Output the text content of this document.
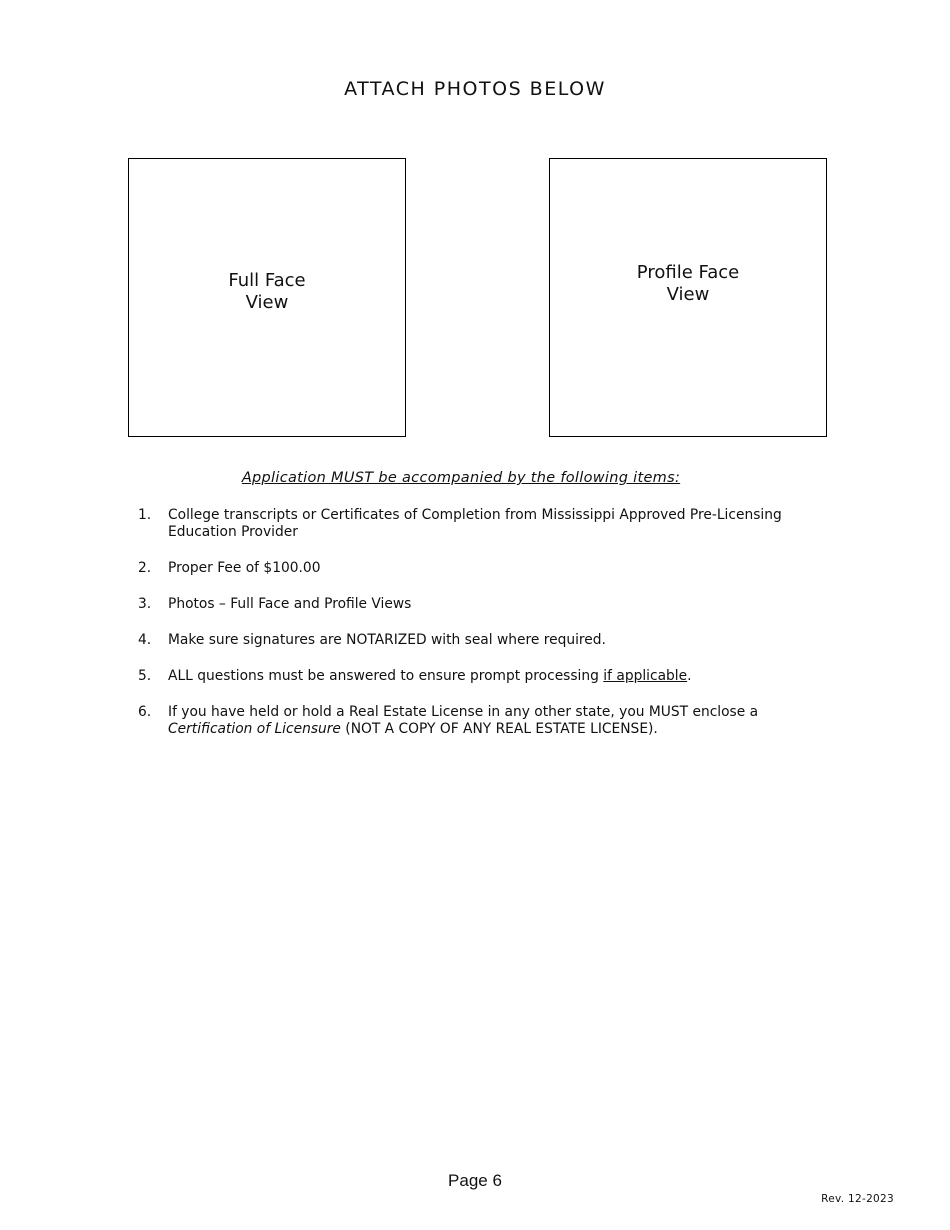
ATTACH PHOTOS BELOW
Full Face
View
Profile Face
View
Application MUST be accompanied by the following items:
1. College transcripts or Certificates of Completion from Mississippi Approved Pre-Licensing Education Provider
2. Proper Fee of $100.00
3. Photos – Full Face and Profile Views
4. Make sure signatures are NOTARIZED with seal where required.
5. ALL questions must be answered to ensure prompt processing if applicable.
6. If you have held or hold a Real Estate License in any other state, you MUST enclose a Certification of Licensure (NOT A COPY OF ANY REAL ESTATE LICENSE).
Page 6
Rev. 12-2023
